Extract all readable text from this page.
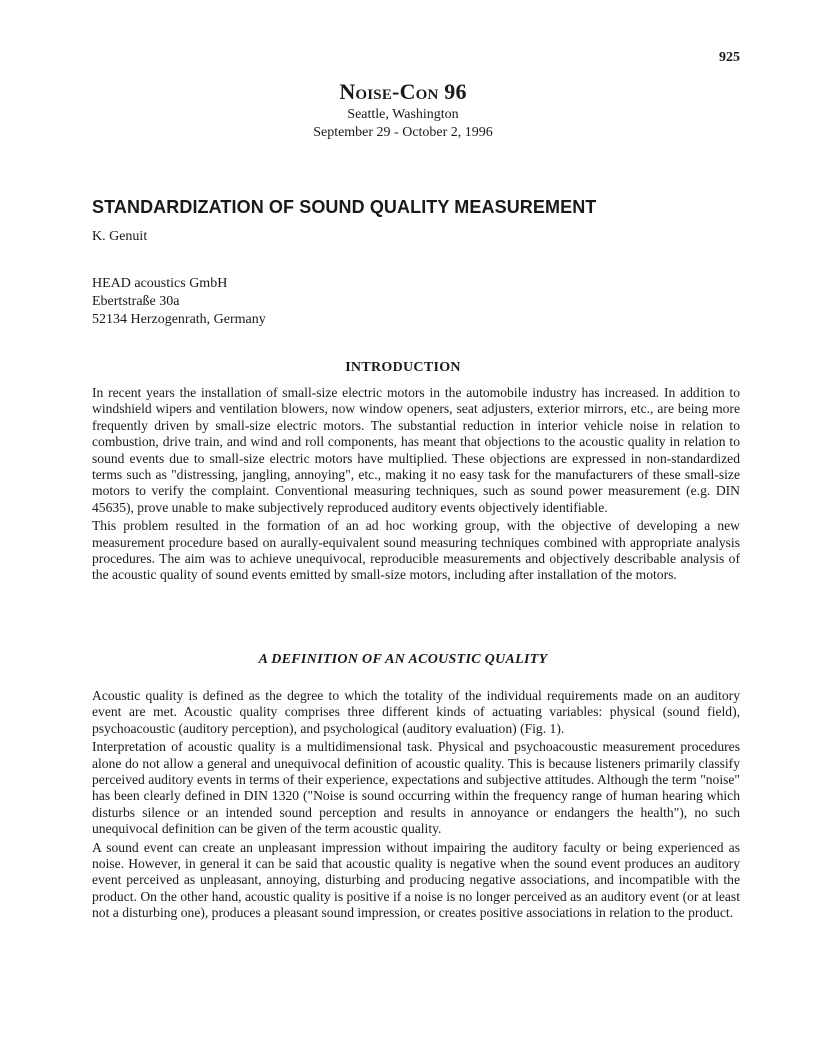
925
Noise-Con 96
Seattle, Washington
September 29 - October 2, 1996
STANDARDIZATION OF SOUND QUALITY MEASUREMENT
K. Genuit
HEAD acoustics GmbH
Ebertstraße 30a
52134 Herzogenrath, Germany
INTRODUCTION

In recent years the installation of small-size electric motors in the automobile industry has increased. In addition to windshield wipers and ventilation blowers, now window openers, seat adjusters, exterior mirrors, etc., are being more frequently driven by small-size electric motors. The substantial reduction in interior vehicle noise in relation to combustion, drive train, and wind and roll components, has meant that objections to the acoustic quality in relation to sound events due to small-size electric motors have multiplied. These objections are expressed in non-standardized terms such as "distressing, jangling, annoying", etc., making it no easy task for the manufacturers of these small-size motors to verify the complaint. Conventional measuring techniques, such as sound power measurement (e.g. DIN 45635), prove unable to make subjectively reproduced auditory events objectively identifiable.

This problem resulted in the formation of an ad hoc working group, with the objective of developing a new measurement procedure based on aurally-equivalent sound measuring techniques combined with appropriate analysis procedures. The aim was to achieve unequivocal, reproducible measurements and objectively describable analysis of the acoustic quality of sound events emitted by small-size motors, including after installation of the motors.

A DEFINITION OF AN ACOUSTIC QUALITY

Acoustic quality is defined as the degree to which the totality of the individual requirements made on an auditory event are met. Acoustic quality comprises three different kinds of actuating variables: physical (sound field), psychoacoustic (auditory perception), and psychological (auditory evaluation) (Fig. 1).

Interpretation of acoustic quality is a multidimensional task. Physical and psychoacoustic measurement procedures alone do not allow a general and unequivocal definition of acoustic quality. This is because listeners primarily classify perceived auditory events in terms of their experience, expectations and subjective attitudes. Although the term "noise" has been clearly defined in DIN 1320 ("Noise is sound occurring within the frequency range of human hearing which disturbs silence or an intended sound perception and results in annoyance or endangers the health"), no such unequivocal definition can be given of the term acoustic quality.

A sound event can create an unpleasant impression without impairing the auditory faculty or being experienced as noise. However, in general it can be said that acoustic quality is negative when the sound event produces an auditory event perceived as unpleasant, annoying, disturbing and producing negative associations, and incompatible with the product. On the other hand, acoustic quality is positive if a noise is no longer perceived as an auditory event (or at least not a disturbing one), produces a pleasant sound impression, or creates positive associations in relation to the product.
